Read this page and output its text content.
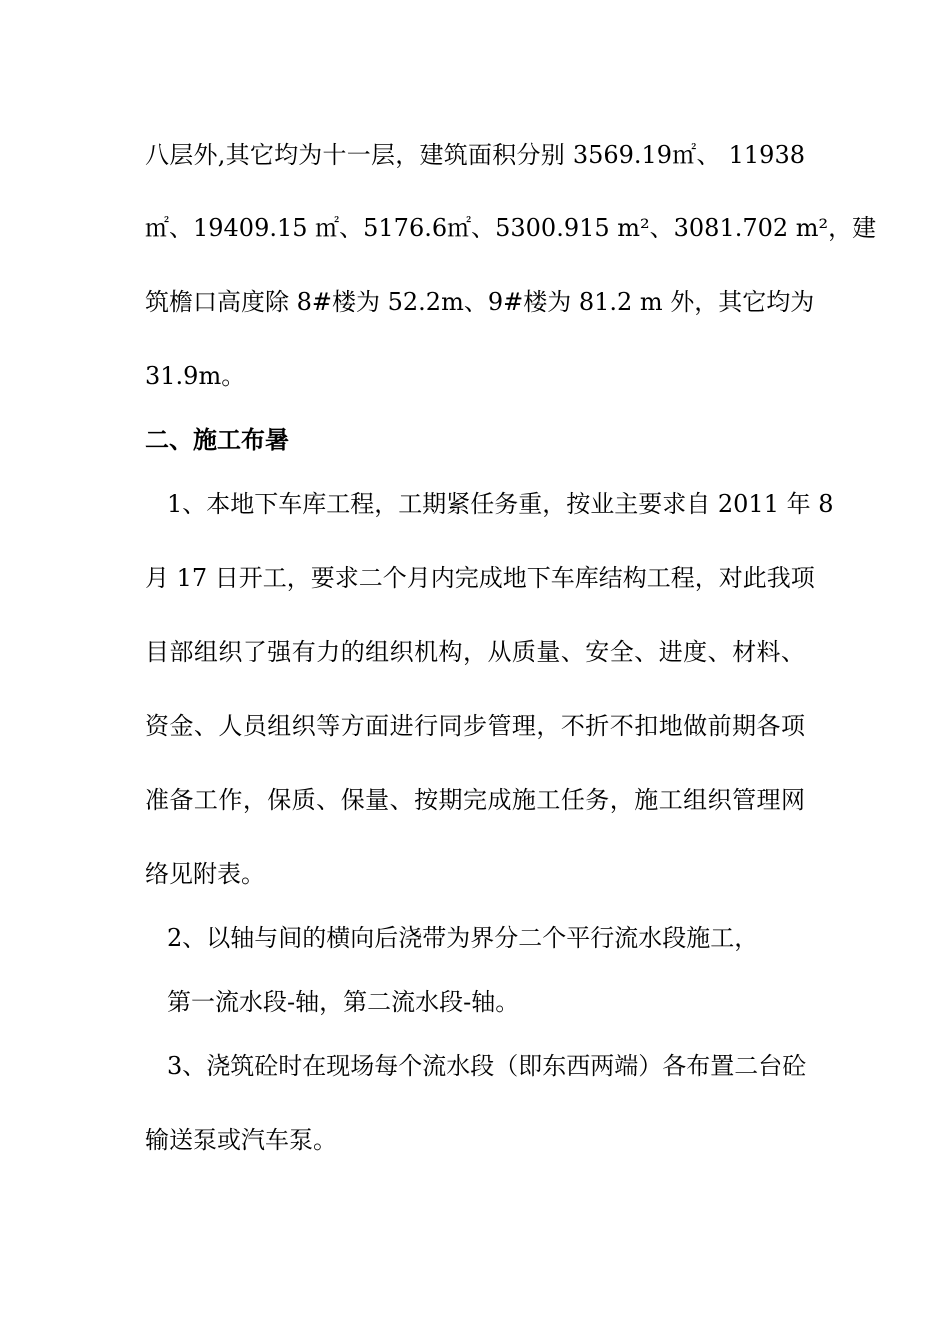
八层外,其它均为十一层，建筑面积分别 3569.19㎡、 11938
㎡、19409.15 ㎡、5176.6㎡、5300.915 m²、3081.702 m²，建
筑檐口高度除 8#楼为 52.2m、9#楼为 81.2 m 外，其它均为
31.9m。
二、施工布暑
1、本地下车库工程，工期紧任务重，按业主要求自 2011 年 8
月 17 日开工，要求二个月内完成地下车库结构工程，对此我项
目部组织了强有力的组织机构，从质量、安全、进度、材料、
资金、人员组织等方面进行同步管理，不折不扣地做前期各项
准备工作，保质、保量、按期完成施工任务，施工组织管理网
络见附表。
2、以轴与间的横向后浇带为界分二个平行流水段施工，
第一流水段-轴，第二流水段-轴。
3、浇筑砼时在现场每个流水段（即东西两端）各布置二台砼
输送泵或汽车泵。
